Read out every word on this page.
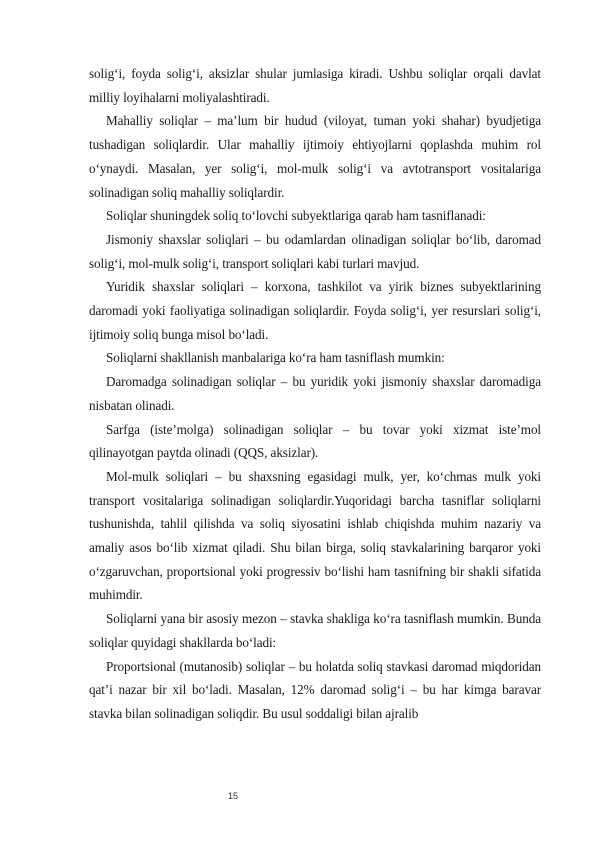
solig‘i, foyda solig‘i, aksizlar shular jumlasiga kiradi. Ushbu soliqlar orqali davlat milliy loyihalarni moliyalashtiradi.

Mahalliy soliqlar – ma’lum bir hudud (viloyat, tuman yoki shahar) byudjetiga tushadigan soliqlardir. Ular mahalliy ijtimoiy ehtiyojlarni qoplashda muhim rol o‘ynaydi. Masalan, yer solig‘i, mol-mulk solig‘i va avtotransport vositalariga solinadigan soliq mahalliy soliqlardir.

Soliqlar shuningdek soliq to‘lovchi subyektlariga qarab ham tasniflanadi:

Jismoniy shaxslar soliqlari – bu odamlardan olinadigan soliqlar bo‘lib, daromad solig‘i, mol-mulk solig‘i, transport soliqlari kabi turlari mavjud.

Yuridik shaxslar soliqlari – korxona, tashkilot va yirik biznes subyektlarining daromadi yoki faoliyatiga solinadigan soliqlardir. Foyda solig‘i, yer resurslari solig‘i, ijtimoiy soliq bunga misol bo‘ladi.

Soliqlarni shakllanish manbalariga ko‘ra ham tasniflash mumkin:

Daromadga solinadigan soliqlar – bu yuridik yoki jismoniy shaxslar daromadiga nisbatan olinadi.

Sarfga (iste’molga) solinadigan soliqlar – bu tovar yoki xizmat iste’mol qilinayotgan paytda olinadi (QQS, aksizlar).

Mol-mulk soliqlari – bu shaxsning egasidagi mulk, yer, ko‘chmas mulk yoki transport vositalariga solinadigan soliqlardir.Yuqoridagi barcha tasniflar soliqlarni tushunishda, tahlil qilishda va soliq siyosatini ishlab chiqishda muhim nazariy va amaliy asos bo‘lib xizmat qiladi. Shu bilan birga, soliq stavkalarining barqaror yoki o‘zgaruvchan, proportsional yoki progressiv bo‘lishi ham tasnifning bir shakli sifatida muhimdir.

Soliqlarni yana bir asosiy mezon – stavka shakliga ko‘ra tasniflash mumkin. Bunda soliqlar quyidagi shakllarda bo‘ladi:

Proportsional (mutanosib) soliqlar – bu holatda soliq stavkasi daromad miqdoridan qat’i nazar bir xil bo‘ladi. Masalan, 12% daromad solig‘i – bu har kimga baravar stavka bilan solinadigan soliqdir. Bu usul soddaligi bilan ajralib

15
